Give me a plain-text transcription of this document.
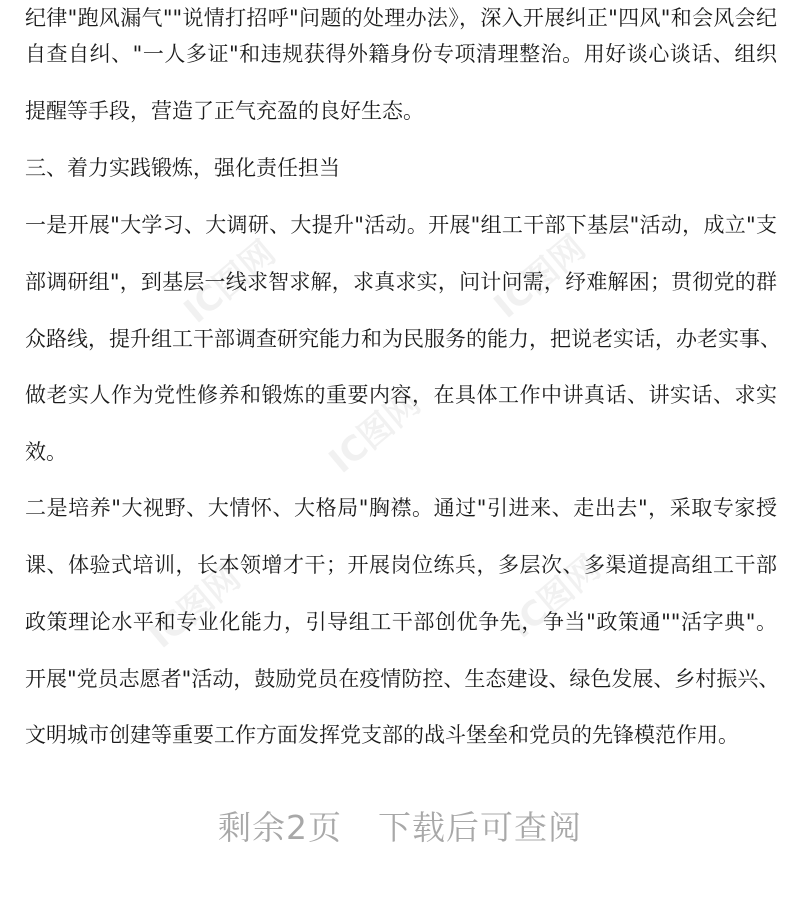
IC图网	IC图网
IC图网
IC图网	IC图网
纪律"跑风漏气""说情打招呼"问题的处理办法》，深入开展纠正"四风"和会风会纪
自查自纠、"一人多证"和违规获得外籍身份专项清理整治。用好谈心谈话、组织
提醒等手段，营造了正气充盈的良好生态。
三、着力实践锻炼，强化责任担当
一是开展"大学习、大调研、大提升"活动。开展"组工干部下基层"活动，成立"支
部调研组"，到基层一线求智求解，求真求实，问计问需，纾难解困；贯彻党的群
众路线，提升组工干部调查研究能力和为民服务的能力，把说老实话，办老实事、
做老实人作为党性修养和锻炼的重要内容，在具体工作中讲真话、讲实话、求实
效。
二是培养"大视野、大情怀、大格局"胸襟。通过"引进来、走出去"，采取专家授
课、体验式培训，长本领增才干；开展岗位练兵，多层次、多渠道提高组工干部
政策理论水平和专业化能力，引导组工干部创优争先，争当"政策通""活字典"。
开展"党员志愿者"活动，鼓励党员在疫情防控、生态建设、绿色发展、乡村振兴、
文明城市创建等重要工作方面发挥党支部的战斗堡垒和党员的先锋模范作用。
剩余2页 下载后可查阅
